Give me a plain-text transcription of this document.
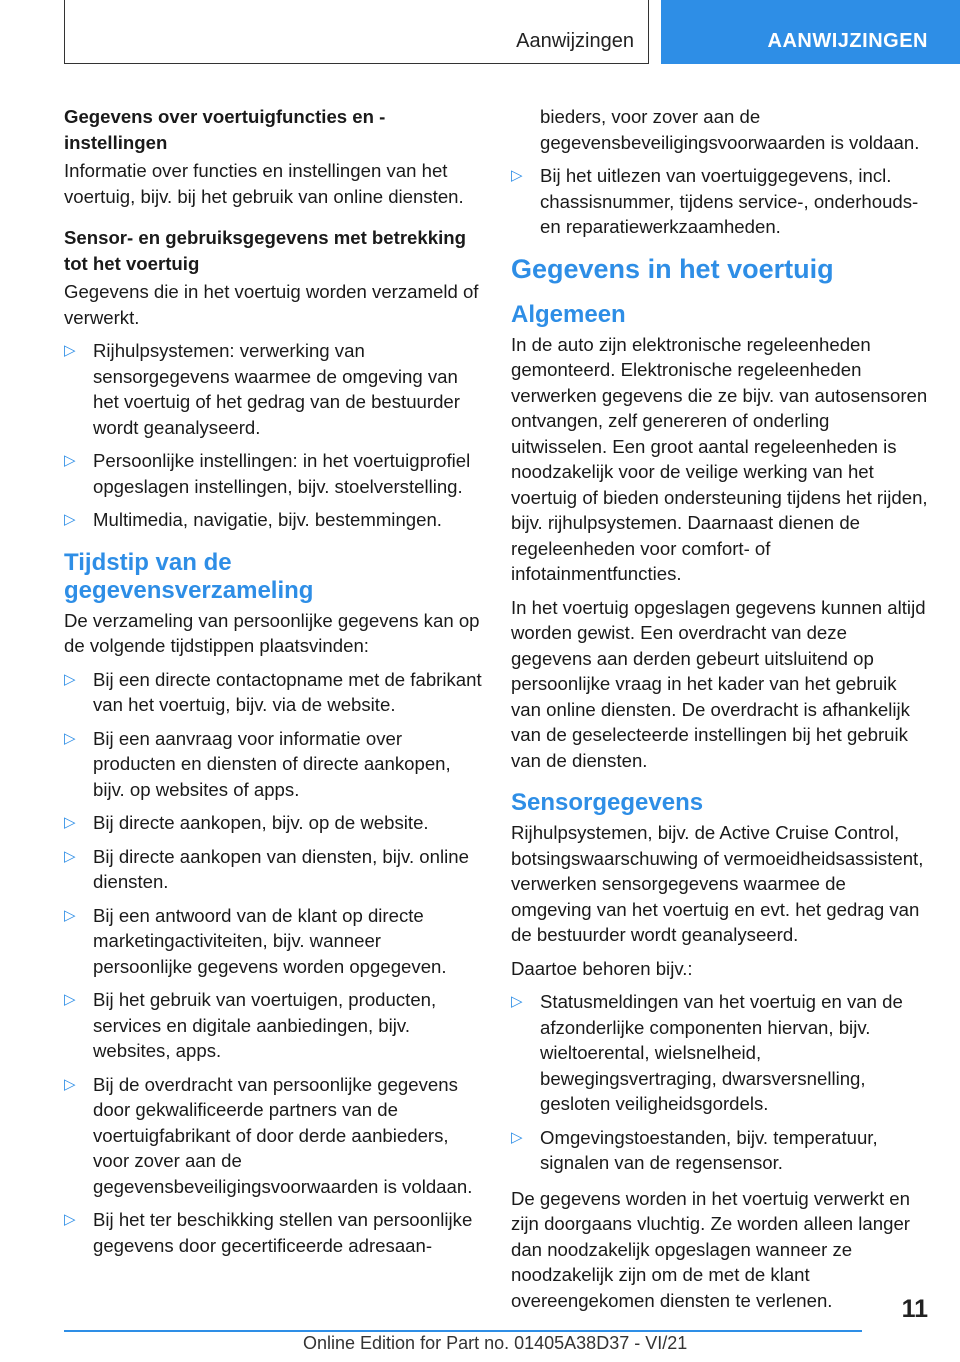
Aanwijzingen	AANWIJZINGEN

Gegevens over voertuigfuncties en -instellingen

Informatie over functies en instellingen van het voertuig, bijv. bij het gebruik van online diensten.

Sensor- en gebruiksgegevens met betrekking tot het voertuig

Gegevens die in het voertuig worden verzameld of verwerkt.

▷ Rijhulpsystemen: verwerking van sensorgegevens waarmee de omgeving van het voertuig of het gedrag van de bestuurder wordt geanalyseerd.
▷ Persoonlijke instellingen: in het voertuigprofiel opgeslagen instellingen, bijv. stoelverstelling.
▷ Multimedia, navigatie, bijv. bestemmingen.
Tijdstip van de gegevensverzameling

De verzameling van persoonlijke gegevens kan op de volgende tijdstippen plaatsvinden:

▷ Bij een directe contactopname met de fabrikant van het voertuig, bijv. via de website.
▷ Bij een aanvraag voor informatie over producten en diensten of directe aankopen, bijv. op websites of apps.
▷ Bij directe aankopen, bijv. op de website.
▷ Bij directe aankopen van diensten, bijv. online diensten.
▷ Bij een antwoord van de klant op directe marketingactiviteiten, bijv. wanneer persoonlijke gegevens worden opgegeven.
▷ Bij het gebruik van voertuigen, producten, services en digitale aanbiedingen, bijv. websites, apps.
▷ Bij de overdracht van persoonlijke gegevens door gekwalificeerde partners van de voertuigfabrikant of door derde aanbieders, voor zover aan de gegevensbeveiligingsvoorwaarden is voldaan.
▷ Bij het ter beschikking stellen van persoonlijke gegevens door gecertificeerde adresaan-

bieders, voor zover aan de gegevensbeveiligingsvoorwaarden is voldaan.

▷ Bij het uitlezen van voertuiggegevens, incl. chassisnummer, tijdens service-, onderhouds- en reparatiewerkzaamheden.
Gegevens in het voertuig
Algemeen

In de auto zijn elektronische regeleenheden gemonteerd. Elektronische regeleenheden verwerken gegevens die ze bijv. van autosensoren ontvangen, zelf genereren of onderling uitwisselen. Een groot aantal regeleenheden is noodzakelijk voor de veilige werking van het voertuig of bieden ondersteuning tijdens het rijden, bijv. rijhulpsystemen. Daarnaast dienen de regeleenheden voor comfort- of infotainmentfuncties.

In het voertuig opgeslagen gegevens kunnen altijd worden gewist. Een overdracht van deze gegevens aan derden gebeurt uitsluitend op persoonlijke vraag in het kader van het gebruik van online diensten. De overdracht is afhankelijk van de geselecteerde instellingen bij het gebruik van de diensten.

Sensorgegevens

Rijhulpsystemen, bijv. de Active Cruise Control, botsingswaarschuwing of vermoeidheidsassistent, verwerken sensorgegevens waarmee de omgeving van het voertuig en evt. het gedrag van de bestuurder wordt geanalyseerd.

Daartoe behoren bijv.:

▷ Statusmeldingen van het voertuig en van de afzonderlijke componenten hiervan, bijv. wieltoerental, wielsnelheid, bewegingsvertraging, dwarsversnelling, gesloten veiligheidsgordels.
▷ Omgevingstoestanden, bijv. temperatuur, signalen van de regensensor.

De gegevens worden in het voertuig verwerkt en zijn doorgaans vluchtig. Ze worden alleen langer dan noodzakelijk opgeslagen wanneer ze noodzakelijk zijn om de met de klant overeengekomen diensten te verlenen.	11
Online Edition for Part no. 01405A38D37 - VI/21
